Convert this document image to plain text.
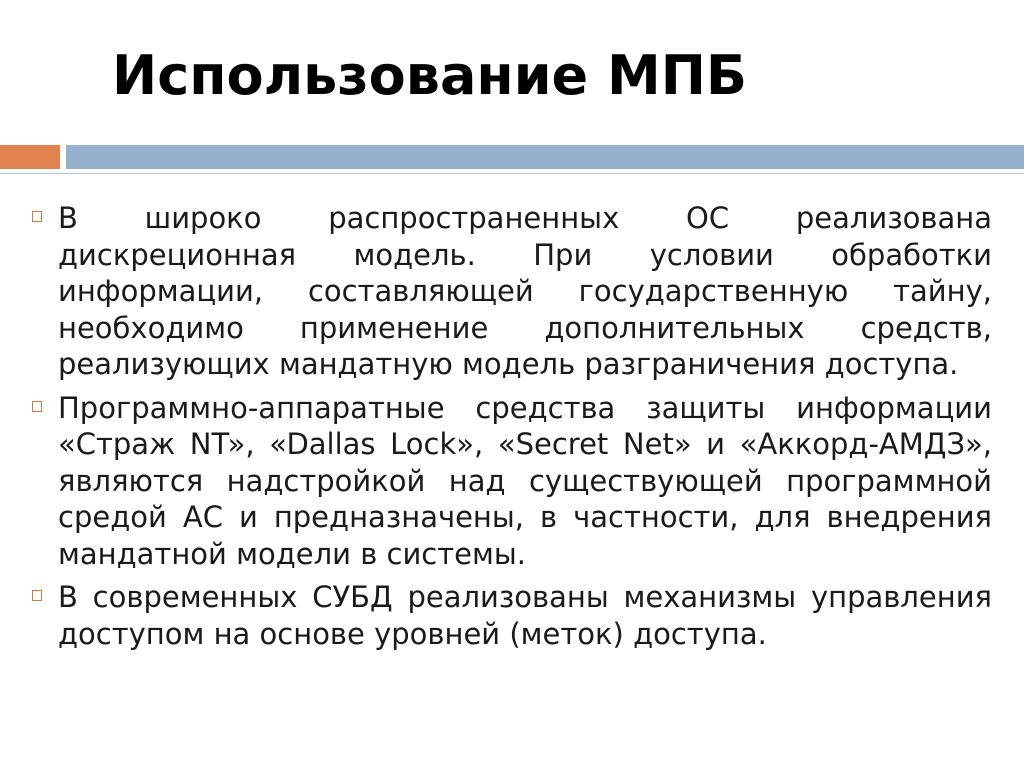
Использование МПБ
В широко распространенных ОС реализована дискреционная модель. При условии обработки информации, составляющей государственную тайну, необходимо применение дополнительных средств, реализующих мандатную модель разграничения доступа.
Программно-аппаратные средства защиты информации «Страж NT», «Dallas Lock», «Secret Net» и «Аккорд-АМДЗ», являются надстройкой над существующей программной средой АС и предназначены, в частности, для внедрения мандатной модели в системы.
В современных СУБД реализованы механизмы управления доступом на основе уровней (меток) доступа.
